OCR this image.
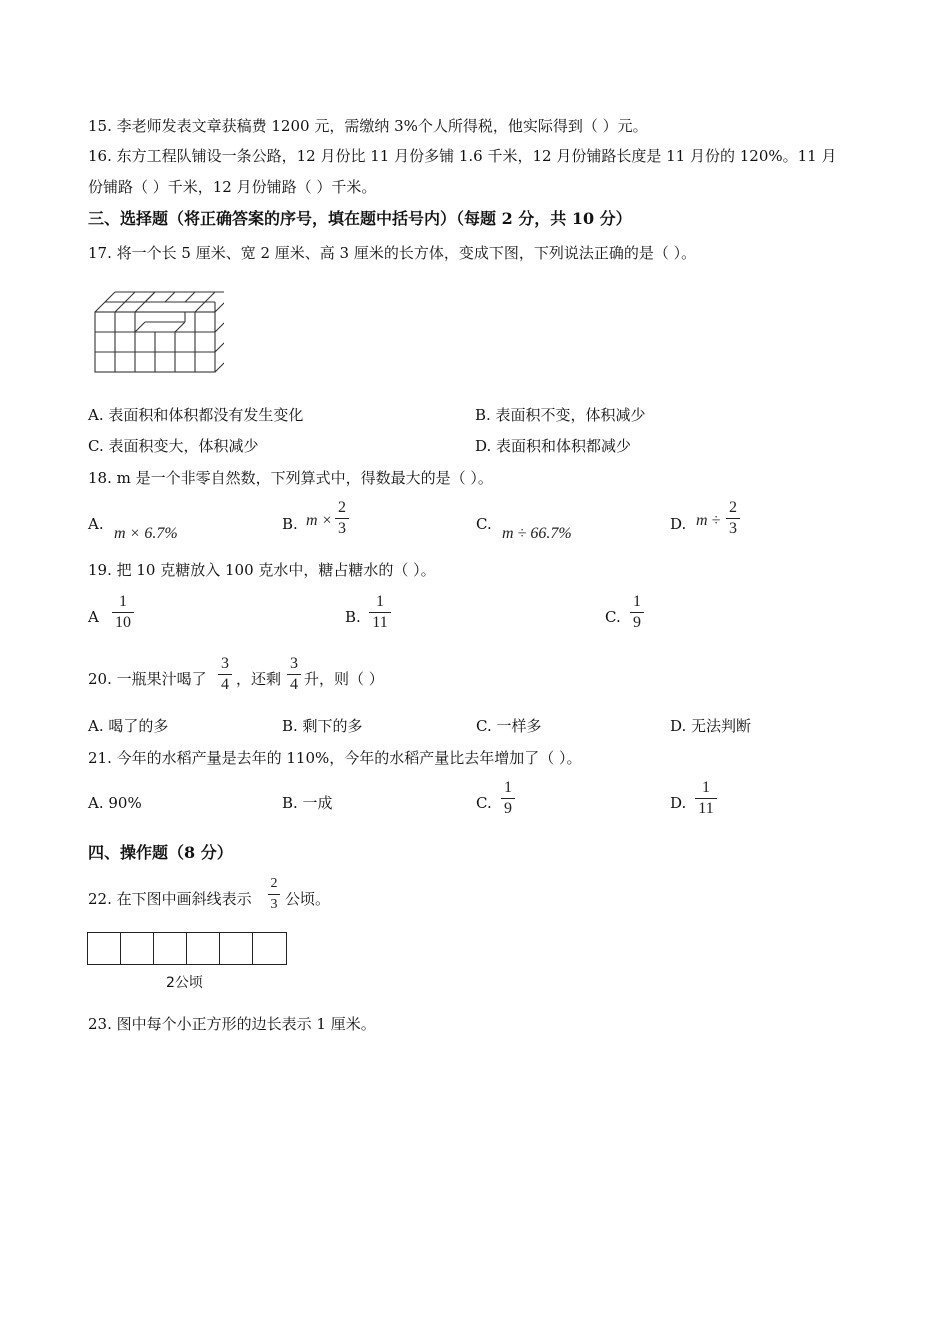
15. 李老师发表文章获稿费 1200 元，需缴纳 3%个人所得税，他实际得到（ ）元。
16. 东方工程队铺设一条公路，12 月份比 11 月份多铺 1.6 千米，12 月份铺路长度是 11 月份的 120%。11 月
份铺路（ ）千米，12 月份铺路（ ）千米。
三、选择题（将正确答案的序号，填在题中括号内）（每题 2 分，共 10 分）
17. 将一个长 5 厘米、宽 2 厘米、高 3 厘米的长方体，变成下图，下列说法正确的是（ ）。
A. 表面积和体积都没有发生变化	B. 表面积不变，体积减少
C. 表面积变大，体积减少	D. 表面积和体积都减少
18. m 是一个非零自然数，下列算式中，得数最大的是（ ）。
A.
m × 6.7%
B. m ×
2
3	C.
m ÷ 66.7%
D. m ÷
2
3
19. 把 10 克糖放入 100 克水中，糖占糖水的（ ）。
A
1
10	B.
1
11	C.
1
9
20. 一瓶果汁喝了
3
4 ，还剩
3
4 升，则（ ）
A. 喝了的多	B. 剩下的多	C. 一样多	D. 无法判断
21. 今年的水稻产量是去年的 110%，今年的水稻产量比去年增加了（ ）。
A. 90%	B. 一成	C.
1
9	D.
1
11
四、操作题（8 分）
22. 在下图中画斜线表示
2
3 公顷。
2公顷
23. 图中每个小正方形的边长表示 1 厘米。
